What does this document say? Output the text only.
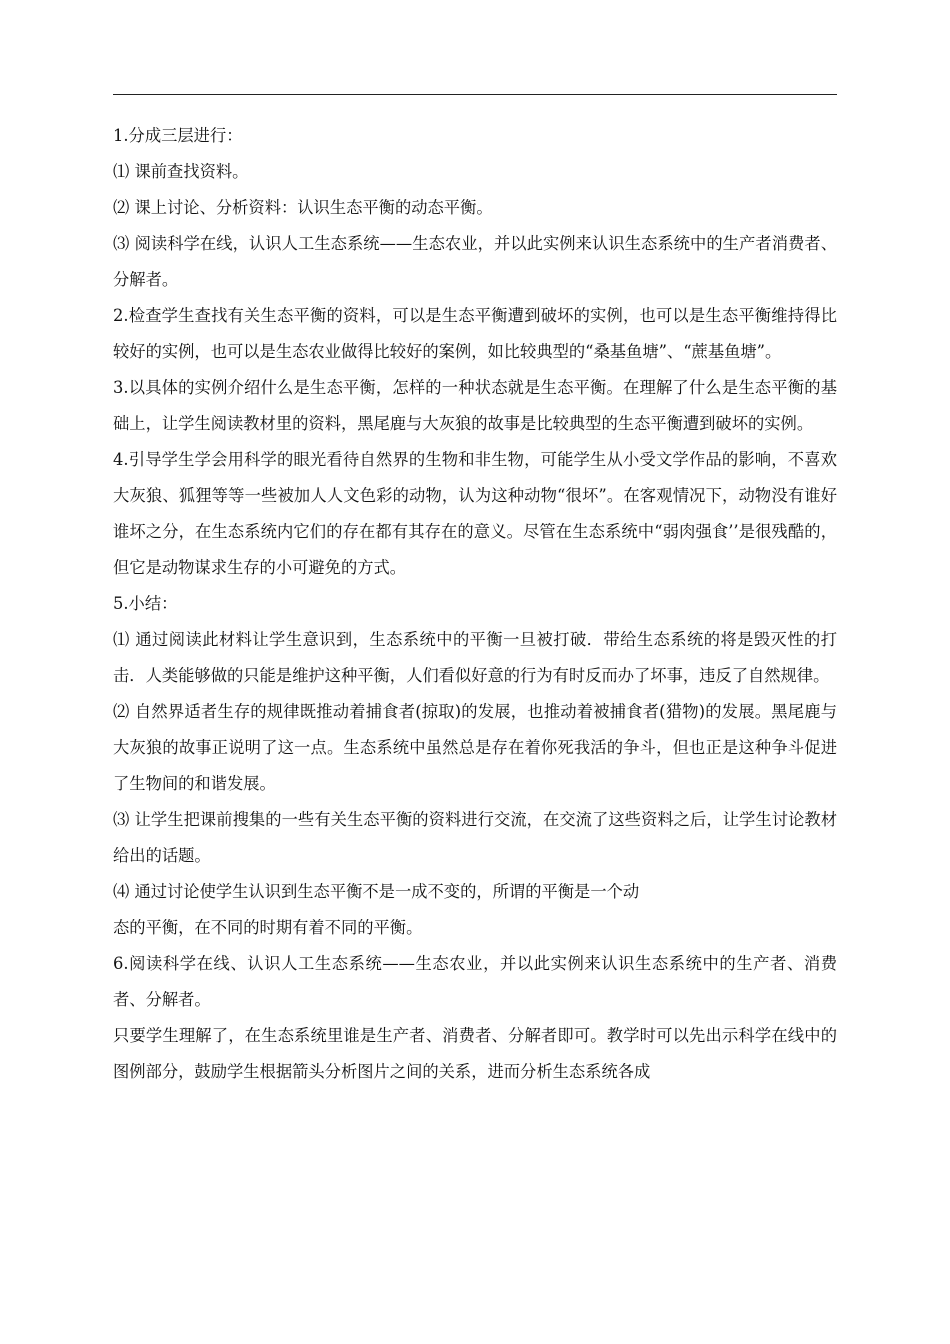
1.分成三层进行：

⑴ 课前查找资料。

⑵ 课上讨论、分析资料：认识生态平衡的动态平衡。

⑶ 阅读科学在线，认识人工生态系统——生态农业，并以此实例来认识生态系统中的生产者消费者、分解者。

2.检查学生查找有关生态平衡的资料，可以是生态平衡遭到破坏的实例，也可以是生态平衡维持得比较好的实例，也可以是生态农业做得比较好的案例，如比较典型的“桑基鱼塘”、“蔗基鱼塘”。

3.以具体的实例介绍什么是生态平衡，怎样的一种状态就是生态平衡。在理解了什么是生态平衡的基础上，让学生阅读教材里的资料，黑尾鹿与大灰狼的故事是比较典型的生态平衡遭到破坏的实例。

4.引导学生学会用科学的眼光看待自然界的生物和非生物，可能学生从小受文学作品的影响，不喜欢大灰狼、狐狸等等一些被加人人文色彩的动物，认为这种动物“很坏”。在客观情况下，动物没有谁好谁坏之分，在生态系统内它们的存在都有其存在的意义。尽管在生态系统中“弱肉强食’’是很残酷的，但它是动物谋求生存的小可避免的方式。

5.小结：

⑴ 通过阅读此材料让学生意识到，生态系统中的平衡一旦被打破．带给生态系统的将是毁灭性的打击．人类能够做的只能是维护这种平衡，人们看似好意的行为有时反而办了坏事，违反了自然规律。

⑵ 自然界适者生存的规律既推动着捕食者(掠取)的发展，也推动着被捕食者(猎物)的发展。黑尾鹿与大灰狼的故事正说明了这一点。生态系统中虽然总是存在着你死我活的争斗，但也正是这种争斗促进了生物间的和谐发展。

⑶ 让学生把课前搜集的一些有关生态平衡的资料进行交流，在交流了这些资料之后，让学生讨论教材给出的话题。

⑷ 通过讨论使学生认识到生态平衡不是一成不变的，所谓的平衡是一个动
态的平衡，在不同的时期有着不同的平衡。

6.阅读科学在线、认识人工生态系统——生态农业，并以此实例来认识生态系统中的生产者、消费者、分解者。

只要学生理解了，在生态系统里谁是生产者、消费者、分解者即可。教学时可以先出示科学在线中的图例部分，鼓励学生根据箭头分析图片之间的关系，进而分析生态系统各成
